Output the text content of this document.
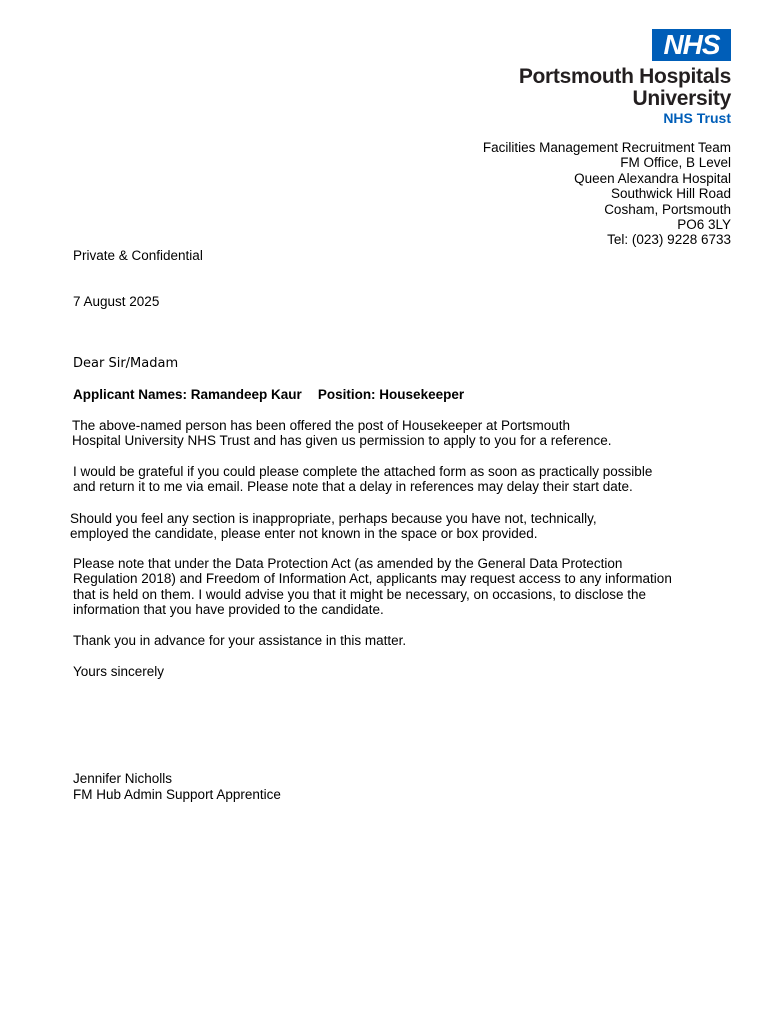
NHS
Portsmouth Hospitals
University
NHS Trust
Facilities Management Recruitment Team
FM Office, B Level
Queen Alexandra Hospital
Southwick Hill Road
Cosham, Portsmouth
PO6 3LY
Tel: (023) 9228 6733
Private & Confidential
7 August 2025
Dear Sir/Madam
Applicant Names: Ramandeep Kaur Position: Housekeeper
The above-named person has been offered the post of Housekeeper at Portsmouth
Hospital University NHS Trust and has given us permission to apply to you for a reference.
I would be grateful if you could please complete the attached form as soon as practically possible
and return it to me via email. Please note that a delay in references may delay their start date.
Should you feel any section is inappropriate, perhaps because you have not, technically,
employed the candidate, please enter not known in the space or box provided.
Please note that under the Data Protection Act (as amended by the General Data Protection
Regulation 2018) and Freedom of Information Act, applicants may request access to any information
that is held on them. I would advise you that it might be necessary, on occasions, to disclose the
information that you have provided to the candidate.
Thank you in advance for your assistance in this matter.
Yours sincerely
Jennifer Nicholls
FM Hub Admin Support Apprentice
